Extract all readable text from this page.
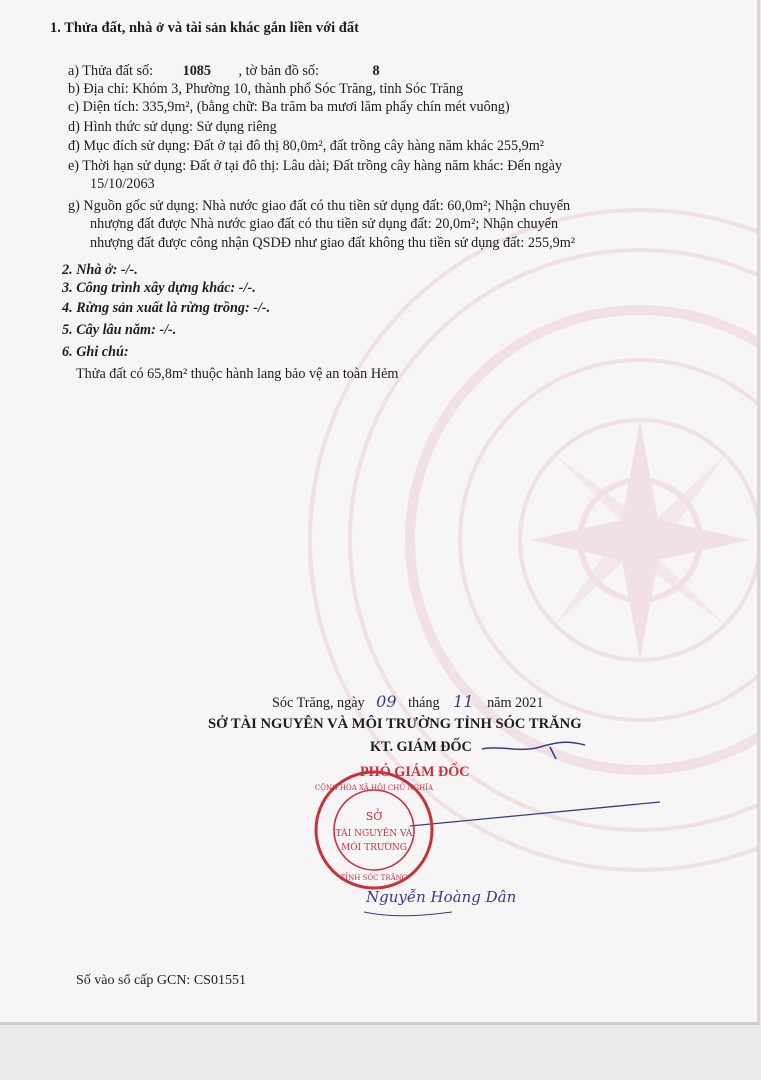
1. Thửa đất, nhà ở và tài sản khác gắn liền với đất
a) Thửa đất số: 1085 , tờ bản đồ số:	8
b) Địa chỉ: Khóm 3, Phường 10, thành phố Sóc Trăng, tỉnh Sóc Trăng
c) Diện tích: 335,9m², (bằng chữ: Ba trăm ba mươi lăm phẩy chín mét vuông)
d) Hình thức sử dụng: Sử dụng riêng
đ) Mục đích sử dụng: Đất ở tại đô thị 80,0m², đất trồng cây hàng năm khác 255,9m²
e) Thời hạn sử dụng: Đất ở tại đô thị: Lâu dài; Đất trồng cây hàng năm khác: Đến ngày
15/10/2063
g) Nguồn gốc sử dụng: Nhà nước giao đất có thu tiền sử dụng đất: 60,0m²; Nhận chuyển
nhượng đất được Nhà nước giao đất có thu tiền sử dụng đất: 20,0m²; Nhận chuyển
nhượng đất được công nhận QSDĐ như giao đất không thu tiền sử dụng đất: 255,9m²
2. Nhà ở: -/-.
3. Công trình xây dựng khác: -/-.
4. Rừng sản xuất là rừng trồng: -/-.
5. Cây lâu năm: -/-.
6. Ghi chú:
Thửa đất có 65,8m² thuộc hành lang bảo vệ an toàn Hẻm
Sóc Trăng, ngày 09 tháng 11 năm 2021
SỞ TÀI NGUYÊN VÀ MÔI TRƯỜNG TỈNH SÓC TRĂNG
KT. GIÁM ĐỐC
PHÓ GIÁM ĐỐC
CỘNG HÒA XÃ HỘI CHỦ NGHĨA
TỈNH SÓC TRĂNG
SỞ
TÀI NGUYÊN VÀ
MÔI TRƯỜNG
Nguyễn Hoàng Dân
Số vào sổ cấp GCN: CS01551
